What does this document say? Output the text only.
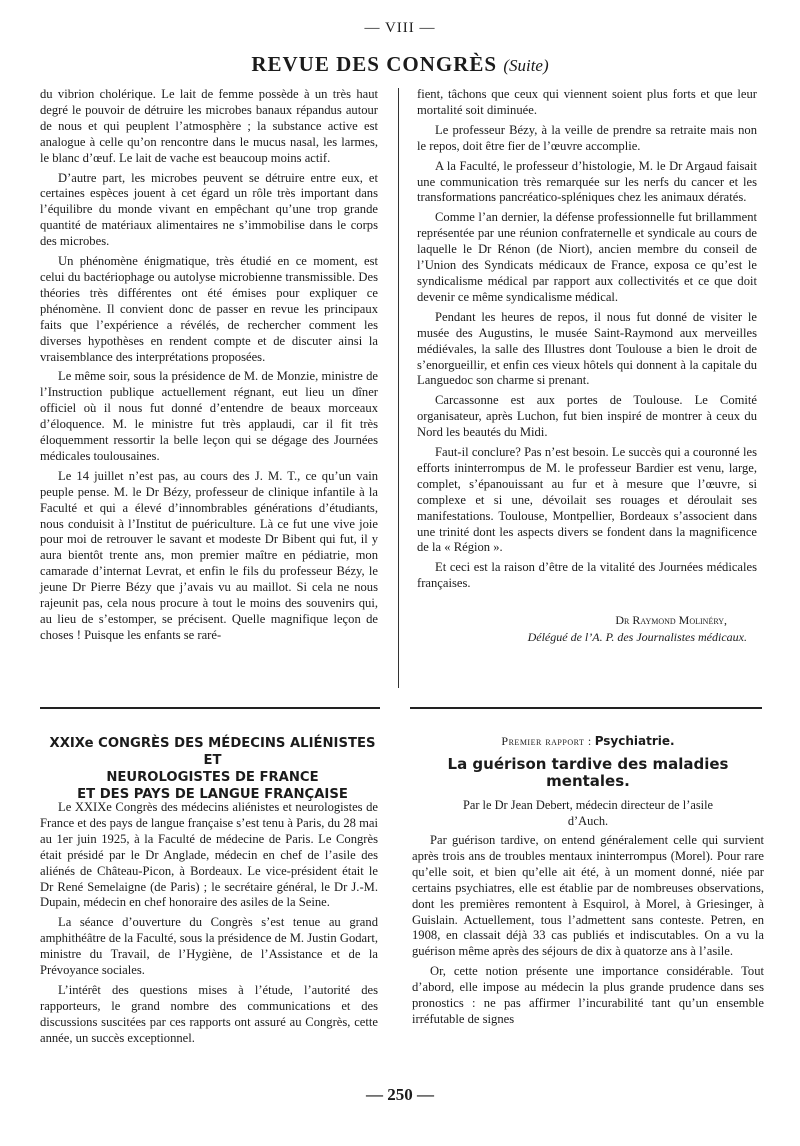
— VIII —
REVUE DES CONGRÈS (Suite)

du vibrion cholérique. Le lait de femme possède à un très haut degré le pouvoir de détruire les microbes banaux répandus autour de nous et qui peuplent l’atmosphère ; la substance active est analogue à celle qu’on rencontre dans le mucus nasal, les larmes, le blanc d’œuf. Le lait de vache est beaucoup moins actif.

D’autre part, les microbes peuvent se détruire entre eux, et certaines espèces jouent à cet égard un rôle très important dans l’équilibre du monde vivant en empêchant qu’une trop grande quantité de matériaux alimentaires ne s’immobilise dans le corps des microbes.

Un phénomène énigmatique, très étudié en ce moment, est celui du bactériophage ou autolyse microbienne transmissible. Des théories très différentes ont été émises pour expliquer ce phénomène. Il convient donc de passer en revue les principaux faits que l’expérience a révélés, de rechercher comment les diverses hypothèses en rendent compte et de discuter ainsi la vraisemblance des interprétations proposées.

Le même soir, sous la présidence de M. de Monzie, ministre de l’Instruction publique actuellement régnant, eut lieu un dîner officiel où il nous fut donné d’entendre de beaux morceaux d’éloquence. M. le ministre fut très applaudi, car il fit très éloquemment ressortir la belle leçon qui se dégage des Journées médicales toulousaines.

Le 14 juillet n’est pas, au cours des J. M. T., ce qu’un vain peuple pense. M. le Dr Bézy, professeur de clinique infantile à la Faculté et qui a élevé d’innombrables générations d’étudiants, nous conduisit à l’Institut de puériculture. Là ce fut une vive joie pour moi de retrouver le savant et modeste Dr Bibent qui fut, il y aura bientôt trente ans, mon premier maître en pédiatrie, mon camarade d’internat Levrat, et enfin le fils du professeur Bézy, le jeune Dr Pierre Bézy que j’avais vu au maillot. Si cela ne nous rajeunit pas, cela nous procure à tout le moins des souvenirs qui, au lieu de s’estomper, se précisent. Quelle magnifique leçon de choses ! Puisque les enfants se raré-

fient, tâchons que ceux qui viennent soient plus forts et que leur mortalité soit diminuée.

Le professeur Bézy, à la veille de prendre sa retraite mais non le repos, doit être fier de l’œuvre accomplie.

A la Faculté, le professeur d’histologie, M. le Dr Argaud faisait une communication très remarquée sur les nerfs du cancer et les transformations pancréatico-spléniques chez les animaux dératés.

Comme l’an dernier, la défense professionnelle fut brillamment représentée par une réunion confraternelle et syndicale au cours de laquelle le Dr Rénon (de Niort), ancien membre du conseil de l’Union des Syndicats médicaux de France, exposa ce qu’est le syndicalisme médical par rapport aux collectivités et ce que doit devenir ce même syndicalisme médical.

Pendant les heures de repos, il nous fut donné de visiter le musée des Augustins, le musée Saint-Raymond aux merveilles médiévales, la salle des Illustres dont Toulouse a bien le droit de s’enorgueillir, et enfin ces vieux hôtels qui donnent à la capitale du Languedoc son charme si prenant.

Carcassonne est aux portes de Toulouse. Le Comité organisateur, après Luchon, fut bien inspiré de montrer à ceux du Nord les beautés du Midi.

Faut-il conclure? Pas n’est besoin. Le succès qui a couronné les efforts ininterrompus de M. le professeur Bardier est venu, large, complet, s’épanouissant au fur et à mesure que l’œuvre, si complexe et si une, dévoilait ses rouages et déroulait ses manifestations. Toulouse, Montpellier, Bordeaux s’associent dans une trinité dont les aspects divers se fondent dans la magnificence de la « Région ».

Et ceci est la raison d’être de la vitalité des Journées médicales françaises.

Dr Raymond Molinéry,
Délégué de l’A. P. des Journalistes médicaux.
XXIXe CONGRÈS DES MÉDECINS ALIÉNISTES ET
NEUROLOGISTES DE FRANCE
ET DES PAYS DE LANGUE FRANÇAISE

Le XXIXe Congrès des médecins aliénistes et neurologistes de France et des pays de langue française s’est tenu à Paris, du 28 mai au 1er juin 1925, à la Faculté de médecine de Paris. Le Congrès était présidé par le Dr Anglade, médecin en chef de l’asile des aliénés de Château-Picon, à Bordeaux. Le vice-président était le Dr René Semelaigne (de Paris) ; le secrétaire général, le Dr J.-M. Dupain, médecin en chef honoraire des asiles de la Seine.

La séance d’ouverture du Congrès s’est tenue au grand amphithéâtre de la Faculté, sous la présidence de M. Justin Godart, ministre du Travail, de l’Hygiène, de l’Assistance et de la Prévoyance sociales.

L’intérêt des questions mises à l’étude, l’autorité des rapporteurs, le grand nombre des communications et des discussions suscitées par ces rapports ont assuré au Congrès, cette année, un succès exceptionnel.

Premier rapport : Psychiatrie.
La guérison tardive des maladies
mentales.
Par le Dr Jean Debert, médecin directeur de l’asile
d’Auch.

Par guérison tardive, on entend généralement celle qui survient après trois ans de troubles mentaux ininterrompus (Morel). Pour rare qu’elle soit, et bien qu’elle ait été, à un moment donné, niée par certains psychiatres, elle est établie par de nombreuses observations, dont les premières remontent à Esquirol, à Morel, à Griesinger, à Guislain. Actuellement, tous l’admettent sans conteste. Petren, en 1908, en classait déjà 33 cas publiés et indiscutables. On a vu la guérison même après des séjours de dix à quatorze ans à l’asile.

Or, cette notion présente une importance considérable. Tout d’abord, elle impose au médecin la plus grande prudence dans ses pronostics : ne pas affirmer l’incurabilité tant qu’un ensemble irréfutable de signes

— 250 —
